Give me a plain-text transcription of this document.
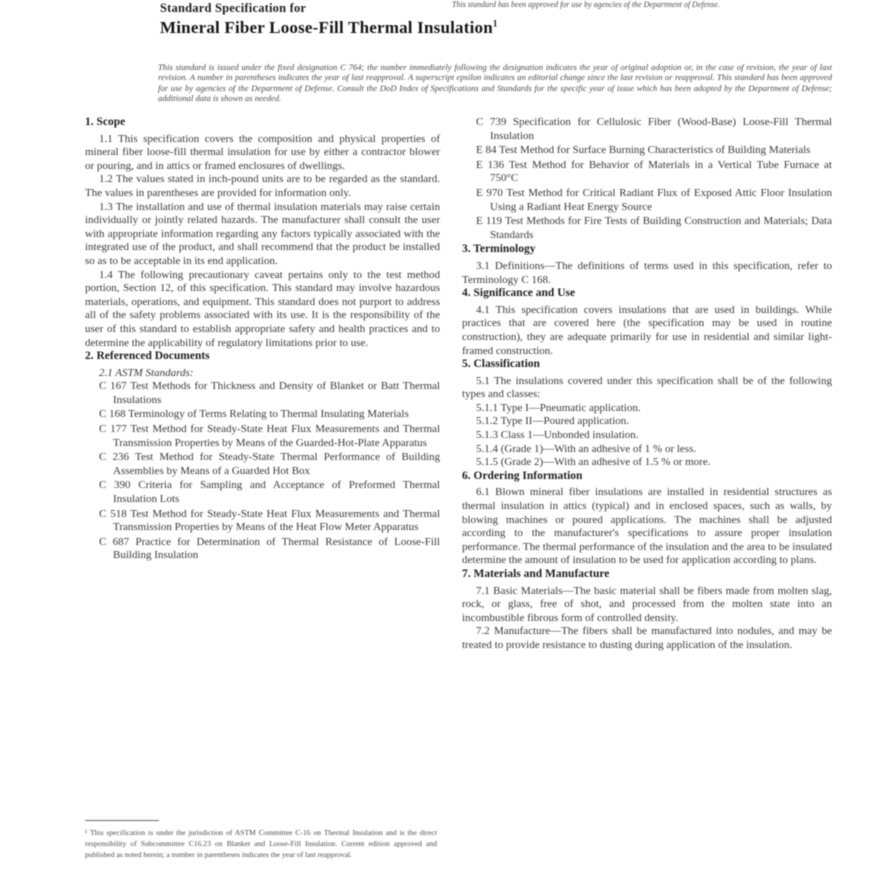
This standard has been approved for use by agencies of the Department of Defense.
Standard Specification for
Mineral Fiber Loose-Fill Thermal Insulation$^1$
This standard is issued under the fixed designation C 764; the number immediately following the designation indicates the year of original adoption or, in the case of revision, the year of last revision. A number in parentheses indicates the year of last reapproval. A superscript epsilon indicates an editorial change since the last revision or reapproval. This standard has been approved for use by agencies of the Department of Defense. Consult the DoD Index of Specifications and Standards for the specific year of issue which has been adopted by the Department of Defense; additional data is shown as needed.
1. Scope

1.1 This specification covers the composition and physical properties of mineral fiber loose-fill thermal insulation for use by either a contractor blower or pouring, and in attics or framed enclosures of dwellings.

1.2 The values stated in inch-pound units are to be regarded as the standard. The values in parentheses are provided for information only.

1.3 The installation and use of thermal insulation materials may raise certain individually or jointly related hazards. The manufacturer shall consult the user with appropriate information regarding any factors typically associated with the integrated use of the product, and shall recommend that the product be installed so as to be acceptable in its end application.

1.4 The following precautionary caveat pertains only to the test method portion, Section 12, of this specification. This standard may involve hazardous materials, operations, and equipment. This standard does not purport to address all of the safety problems associated with its use. It is the responsibility of the user of this standard to establish appropriate safety and health practices and to determine the applicability of regulatory limitations prior to use.

2. Referenced Documents

2.1 ASTM Standards:

C 167 Test Methods for Thickness and Density of Blanket or Batt Thermal Insulations

C 168 Terminology of Terms Relating to Thermal Insulating Materials

C 177 Test Method for Steady-State Heat Flux Measurements and Thermal Transmission Properties by Means of the Guarded-Hot-Plate Apparatus

C 236 Test Method for Steady-State Thermal Performance of Building Assemblies by Means of a Guarded Hot Box

C 390 Criteria for Sampling and Acceptance of Preformed Thermal Insulation Lots

C 518 Test Method for Steady-State Heat Flux Measurements and Thermal Transmission Properties by Means of the Heat Flow Meter Apparatus

C 687 Practice for Determination of Thermal Resistance of Loose-Fill Building Insulation

C 739 Specification for Cellulosic Fiber (Wood-Base) Loose-Fill Thermal Insulation

E 84 Test Method for Surface Burning Characteristics of Building Materials

E 136 Test Method for Behavior of Materials in a Vertical Tube Furnace at 750°C

E 970 Test Method for Critical Radiant Flux of Exposed Attic Floor Insulation Using a Radiant Heat Energy Source

E 119 Test Methods for Fire Tests of Building Construction and Materials; Data Standards

3. Terminology

3.1 Definitions—The definitions of terms used in this specification, refer to Terminology C 168.

4. Significance and Use

4.1 This specification covers insulations that are used in buildings. While practices that are covered here (the specification may be used in routine construction), they are adequate primarily for use in residential and similar light-framed construction.

5. Classification

5.1 The insulations covered under this specification shall be of the following types and classes:

5.1.1 Type I—Pneumatic application.

5.1.2 Type II—Poured application.

5.1.3 Class 1—Unbonded insulation.

5.1.4 (Grade 1)—With an adhesive of 1 % or less.

5.1.5 (Grade 2)—With an adhesive of 1.5 % or more.

6. Ordering Information

6.1 Blown mineral fiber insulations are installed in residential structures as thermal insulation in attics (typical) and in enclosed spaces, such as walls, by blowing machines or poured applications. The machines shall be adjusted according to the manufacturer's specifications to assure proper insulation performance. The thermal performance of the insulation and the area to be insulated determine the amount of insulation to be used for application according to plans.

7. Materials and Manufacture

7.1 Basic Materials—The basic material shall be fibers made from molten slag, rock, or glass, free of shot, and processed from the molten state into an incombustible fibrous form of controlled density.

7.2 Manufacture—The fibers shall be manufactured into nodules, and may be treated to provide resistance to dusting during application of the insulation.

¹ This specification is under the jurisdiction of ASTM Committee C-16 on Thermal Insulation and is the direct responsibility of Subcommittee C16.23 on Blanket and Loose-Fill Insulation. Current edition approved and published as noted herein; a number in parentheses indicates the year of last reapproval.
